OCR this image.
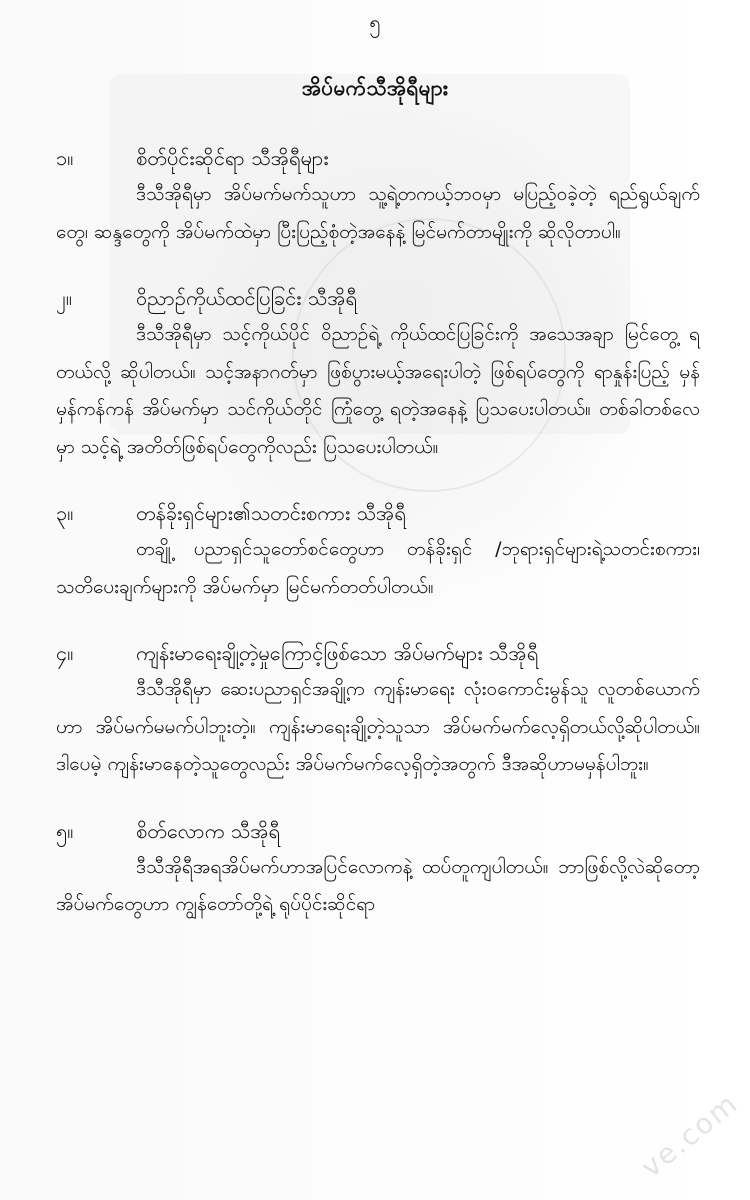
၅
အိပ်မက်သီအိုရီများ
၁။	စိတ်ပိုင်းဆိုင်ရာ သီအိုရီများ
ဒီသီအိုရီမှာ အိပ်မက်မက်သူဟာ သူ့ရဲ့တကယ့်ဘဝမှာ မပြည့်ဝခဲ့တဲ့ ရည်ရွယ်ချက်တွေ၊ ဆန္ဒတွေကို အိပ်မက်ထဲမှာ ပြီးပြည့်စုံတဲ့အနေနဲ့ မြင်မက်တာမျိုးကို ဆိုလိုတာပါ။
၂။	ဝိညာဉ်ကိုယ်ထင်ပြခြင်း သီအိုရီ
ဒီသီအိုရီမှာ သင့်ကိုယ်ပိုင် ဝိညာဉ်ရဲ့ ကိုယ်ထင်ပြခြင်းကို အသေအချာ မြင်တွေ့ ရတယ်လို့ ဆိုပါတယ်။ သင့်အနာဂတ်မှာ ဖြစ်ပွားမယ့်အရေးပါတဲ့ ဖြစ်ရပ်တွေကို ရာနှုန်းပြည့် မှန်မှန်ကန်ကန် အိပ်မက်မှာ သင်ကိုယ်တိုင် ကြုံတွေ့ ရတဲ့အနေနဲ့ ပြသပေးပါတယ်။ တစ်ခါတစ်လေမှာ သင့်ရဲ့ အတိတ်ဖြစ်ရပ်တွေကိုလည်း ပြသပေးပါတယ်။
၃။	တန်ခိုးရှင်များ၏သတင်းစကား သီအိုရီ
တချို့ ပညာရှင်သူတော်စင်တွေဟာ တန်ခိုးရှင် /ဘုရားရှင်များရဲ့သတင်းစကား၊ သတိပေးချက်များကို အိပ်မက်မှာ မြင်မက်တတ်ပါတယ်။
၄။	ကျန်းမာရေးချို့တဲ့မှုကြောင့်ဖြစ်သော အိပ်မက်များ သီအိုရီ
ဒီသီအိုရီမှာ ဆေးပညာရှင်အချို့က ကျန်းမာရေး လုံးဝကောင်းမွန်သူ လူတစ်ယောက်ဟာ အိပ်မက်မမက်ပါဘူးတဲ့။ ကျန်းမာရေးချို့တဲ့သူသာ အိပ်မက်မက်လေ့ရှိတယ်လို့ဆိုပါတယ်။ ဒါပေမဲ့ ကျန်းမာနေတဲ့သူတွေလည်း အိပ်မက်မက်လေ့ရှိတဲ့အတွက် ဒီအဆိုဟာမမှန်ပါဘူး။
၅။	စိတ်လောက သီအိုရီ
ဒီသီအိုရီအရအိပ်မက်ဟာအပြင်လောကနဲ့ ထပ်တူကျပါတယ်။ ဘာဖြစ်လို့လဲဆိုတော့ အိပ်မက်တွေဟာ ကျွန်တော်တို့ရဲ့ ရုပ်ပိုင်းဆိုင်ရာ
ve.com
